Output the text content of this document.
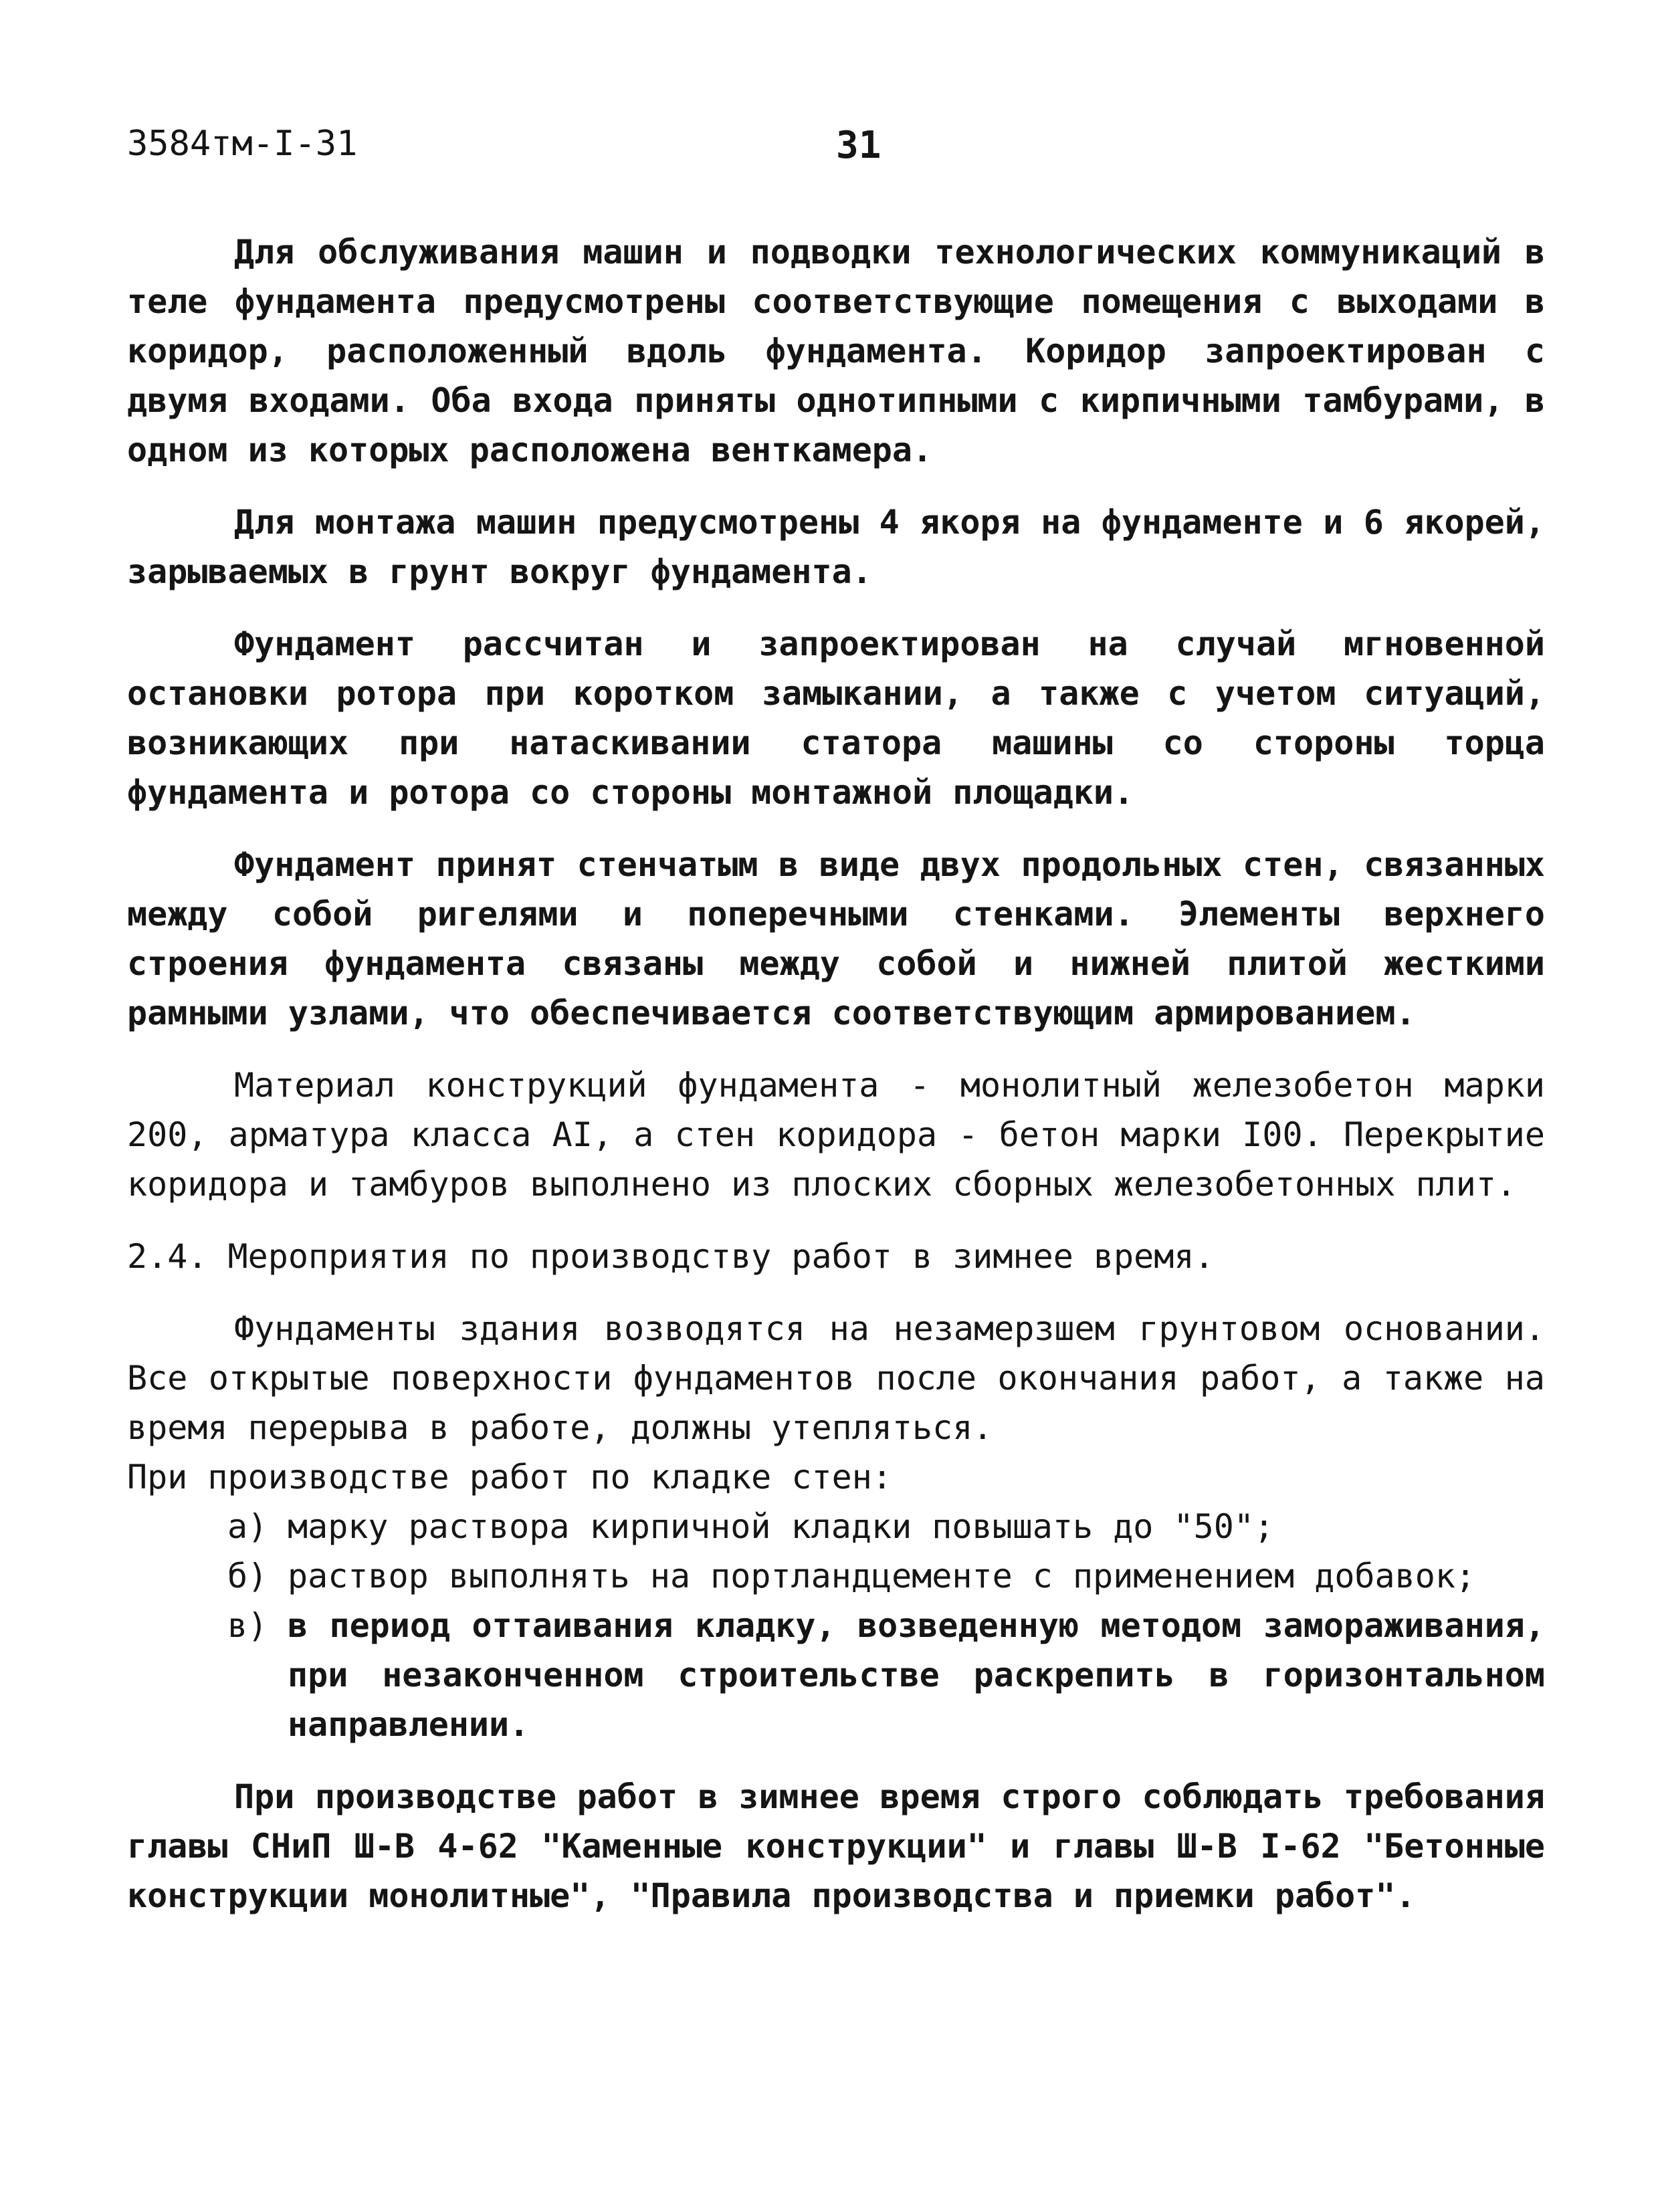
3584тм-I-31	31

Для обслуживания машин и подводки технологических коммуникаций в теле фундамента предусмотрены соответствующие помещения с выходами в коридор, расположенный вдоль фундамента. Коридор запроектирован с двумя входами. Оба входа приняты однотипными с кирпичными тамбурами, в одном из которых расположена венткамера.

Для монтажа машин предусмотрены 4 якоря на фундаменте и 6 якорей, зарываемых в грунт вокруг фундамента.

Фундамент рассчитан и запроектирован на случай мгновенной остановки ротора при коротком замыкании, а также с учетом ситуаций, возникающих при натаскивании статора машины со стороны торца фундамента и ротора со стороны монтажной площадки.

Фундамент принят стенчатым в виде двух продольных стен, связанных между собой ригелями и поперечными стенками. Элементы верхнего строения фундамента связаны между собой и нижней плитой жесткими рамными узлами, что обеспечивается соответствующим армированием.

Материал конструкций фундамента - монолитный железобетон марки 200, арматура класса АI, а стен коридора - бетон марки I00. Перекрытие коридора и тамбуров выполнено из плоских сборных железобетонных плит.

2.4. Мероприятия по производству работ в зимнее время.

Фундаменты здания возводятся на незамерзшем грунтовом основании. Все открытые поверхности фундаментов после окончания работ, а также на время перерыва в работе, должны утепляться.

При производстве работ по кладке стен:

а) марку раствора кирпичной кладки повышать до "50";
б) раствор выполнять на портландцементе с применением добавок;
в) в период оттаивания кладку, возведенную методом замораживания, при незаконченном строительстве раскрепить в горизонтальном направлении.

При производстве работ в зимнее время строго соблюдать требования главы СНиП Ш-В 4-62 "Каменные конструкции" и главы Ш-В I-62 "Бетонные конструкции монолитные", "Правила производства и приемки работ".
